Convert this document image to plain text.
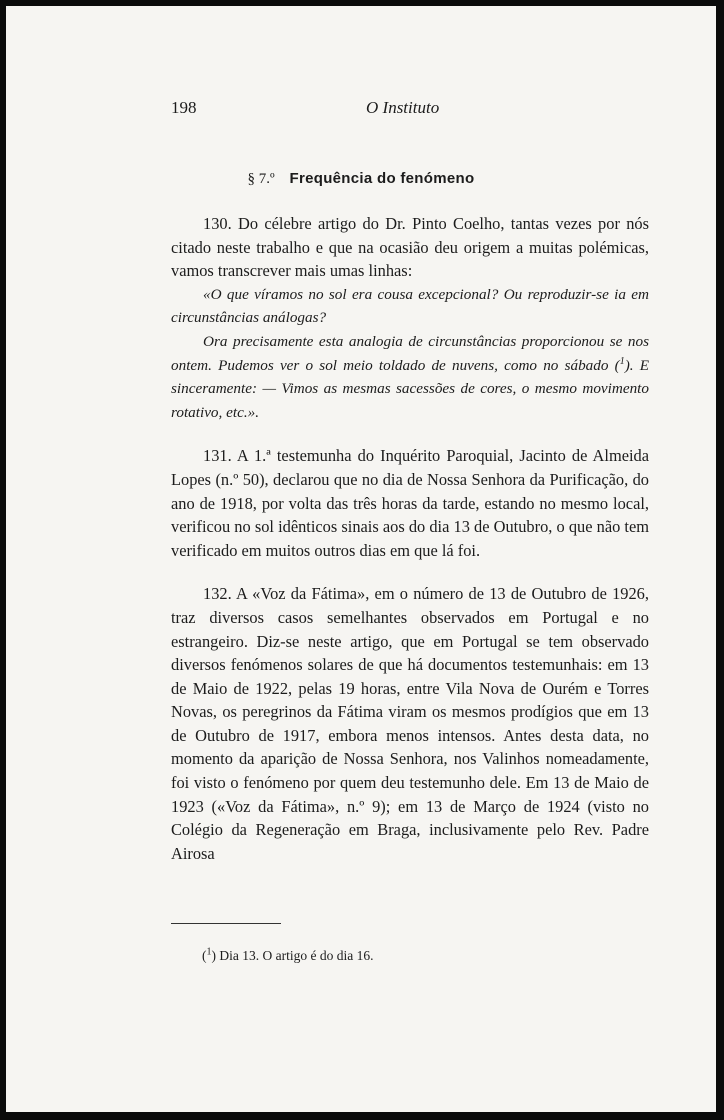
198	O Instituto
§ 7.º Frequência do fenómeno

130. Do célebre artigo do Dr. Pinto Coelho, tantas vezes por nós citado neste trabalho e que na ocasião deu origem a muitas polémicas, vamos transcrever mais umas linhas:

«O que víramos no sol era cousa excepcional? Ou reproduzir-se ia em circunstâncias análogas?

Ora precisamente esta analogia de circunstâncias proporcionou se nos ontem. Pudemos ver o sol meio toldado de nuvens, como no sábado ($^1$). E sinceramente: — Vimos as mesmas sacessões de cores, o mesmo movimento rotativo, etc.».

131. A 1.ª testemunha do Inquérito Paroquial, Jacinto de Almeida Lopes (n.º 50), declarou que no dia de Nossa Senhora da Purificação, do ano de 1918, por volta das três horas da tarde, estando no mesmo local, verificou no sol idênticos sinais aos do dia 13 de Outubro, o que não tem verificado em muitos outros dias em que lá foi.

132. A «Voz da Fátima», em o número de 13 de Outubro de 1926, traz diversos casos semelhantes observados em Portugal e no estrangeiro. Diz-se neste artigo, que em Portugal se tem observado diversos fenómenos solares de que há documentos testemunhais: em 13 de Maio de 1922, pelas 19 horas, entre Vila Nova de Ourém e Torres Novas, os peregrinos da Fátima viram os mesmos prodígios que em 13 de Outubro de 1917, embora menos intensos. Antes desta data, no momento da aparição de Nossa Senhora, nos Valinhos nomeadamente, foi visto o fenómeno por quem deu testemunho dele. Em 13 de Maio de 1923 («Voz da Fátima», n.º 9); em 13 de Março de 1924 (visto no Colégio da Regeneração em Braga, inclusivamente pelo Rev. Padre Airosa

($^1$) Dia 13. O artigo é do dia 16.
